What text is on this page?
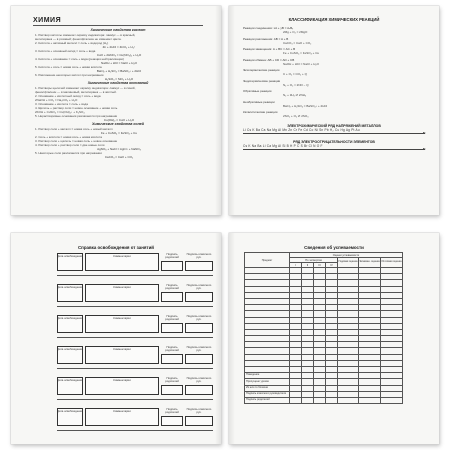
ХИМИЯ
Химические свойства кислот
1. Раствор кислоты изменяет окраску индикатора: лакмус — в красный,
метилоранж — в розовый; фенолфталеин не изменяет цвета.
2. Кислота + активный металл = соль + водород (H₂)
Zn + 2HCl = ZnCl₂ + H₂↑
3. Кислота + основный оксид = соль + вода
CuO + 2HNO₃ = Cu(NO₃)₂ + H₂O
4. Кислота + основание = соль + вода (реакция нейтрализации)
NaOH + HCl = NaCl + H₂O
5. Кислота + соль = новая соль + новая кислота
BaCl₂ + H₂SO₄ = BaSO₄↓ + 2HCl
6. Разложение некоторых кислот при нагревании
H₂SiO₃ = SiO₂ + H₂O
Химические свойства оснований
1. Растворы щелочей изменяют окраску индикатора: лакмус — в синий,
фенолфталеин — в малиновый, метилоранж — в жёлтый.
2. Основание + кислотный оксид = соль + вода
2NaOH + CO₂ = Na₂CO₃ + H₂O
3. Основание + кислота = соль + вода
4. Щёлочь + раствор соли = новое основание + новая соль
2KOH + CuSO₄ = Cu(OH)₂↓ + K₂SO₄
5. Нерастворимые основания разлагаются при нагревании
Cu(OH)₂ = CuO + H₂O
Химические свойства солей
1. Раствор соли + металл = новая соль + новый металл
Fe + CuSO₄ = FeSO₄ + Cu
2. Соль + кислота = новая соль + новая кислота
3. Раствор соли + щёлочь = новая соль + новое основание
4. Раствор соли + раствор соли = две новые соли
AgNO₃ + NaCl = AgCl↓ + NaNO₃
5. Некоторые соли разлагаются при нагревании
CaCO₃ = CaO + CO₂
КЛАССИФИКАЦИЯ ХИМИЧЕСКИХ РЕАКЦИЙ
Реакции соединения: xA + yB = AₓBᵧ
2Mg + O₂ = 2MgO
Реакции разложения: AB = A + B
CaCO₃ = CaO + CO₂
Реакции замещения: A + BC = AC + B
Fe + CuSO₄ = FeSO₄ + Cu
Реакции обмена: AB + CD = AD + CB
NaOH + HCl = NaCl + H₂O
Экзотермические реакции
C + O₂ = CO₂ + Q
Эндотермические реакции
N₂ + O₂ = 2NO − Q
Обратимые реакции
N₂ + 3H₂ ⇄ 2NH₃
Необратимые реакции
BaCl₂ + H₂SO₄ = BaSO₄↓ + 2HCl
Каталитические реакции
2SO₂ + O₂ ⇄ 2SO₃
ЭЛЕКТРОХИМИЧЕСКИЙ РЯД НАПРЯЖЕНИЙ МЕТАЛЛОВ
Li Cs K Ba Ca Na Mg Al Mn Zn Cr Fe Cd Co Ni Sn Pb H₂ Cu Hg Ag Pt Au
РЯД ЭЛЕКТРООТРИЦАТЕЛЬНОСТИ ЭЛЕМЕНТОВ
Cs K Na Ba Li Ca Mg Al Si B H P C S Br Cl N O F
Справка освобождения от занятий
Дата освобождения	Комментарии	Подпись родителей
Подпись классного рук.
Дата освобождения	Комментарии	Подпись родителей
Подпись классного рук.
Дата освобождения	Комментарии	Подпись родителей
Подпись классного рук.
Дата освобождения	Комментарии	Подпись родителей
Подпись классного рук.
Дата освобождения	Комментарии	Подпись родителей
Подпись классного рук.
Дата освобождения	Комментарии	Подпись родителей
Подпись классного рук.
Сведения об успеваемости
Предмет	Оценки успеваемости						
	По четвертям				Годовая оценка	Экзамен. оценка	Итоговая оценка
	I	II	III	IV			

Поведение							
Пропущено уроков							
Из них по болезни							
Подпись классного руководителя							
Подпись родителей							
